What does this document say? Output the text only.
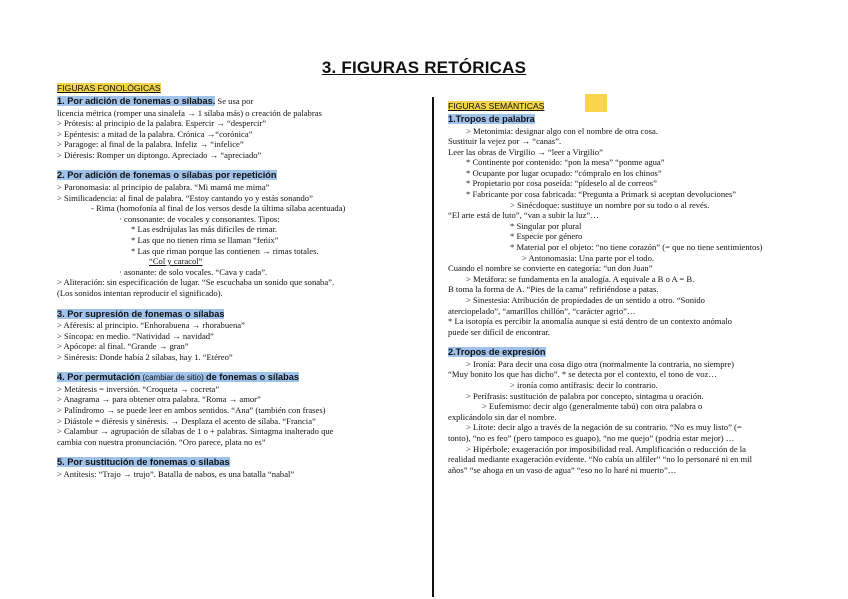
3. FIGURAS RETÓRICAS
FIGURAS FONOLÓGICAS
1. Por adición de fonemas o sílabas. Se usa por
licencia métrica (romper una sinalefa → 1 sílaba más) o creación de palabras
> Prótesis: al principio de la palabra. Espercir → “despercir”
> Epéntesis: a mitad de la palabra. Crónica →“corónica”
> Paragoge: al final de la palabra. Infeliz → “infelice”
> Diéresis: Romper un diptongo. Apreciado → “apreciado”
2. Por adición de fonemas o sílabas por repetición
> Paronomasia: al principio de palabra. “Mi mamá me mima”
> Similicadencia: al final de palabra. “Estoy cantando yo y estás sonando”
- Rima (homofonía al final de los versos desde la última sílaba acentuada)
· consonante: de vocales y consonantes. Tipos:
* Las esdrújulas las más difíciles de rimar.
* Las que no tienen rima se llaman “feńix”
* Las que riman porque las contienen → rimas totales.
“Col y caracol”
· asonante: de solo vocales. “Cava y cada”.
> Aliteración: sin especificación de lugar. “Se escuchaba un sonido que sonaba”.
(Los sonidos intentan reproducir el significado).
3. Por supresión de fonemas o sílabas
> Aféresis: al principio. “Enhorabuena → rhorabuena”
> Síncopa: en medio. “Natividad → navidad”
> Apócope: al final. “Grande → gran”
> Sinéresis: Donde había 2 sílabas, hay 1. “Etéreo”
4. Por permutación (cambiar de sitio) de fonemas o sílabas
> Metátesis = inversión. “Croqueta → cocreta”
> Anagrama → para obtener otra palabra. “Roma → amor”
> Palíndromo → se puede leer en ambos sentidos. “Ana” (también con frases)
> Diástole = diéresis y sinéresis. → Desplaza el acento de sílaba. “Francia”
> Calambur → agrupación de sílabas de 1 o + palabras. Sintagma inalterado que
cambia con nuestra pronunciación. “Oro parece, plata no es”
5. Por sustitución de fonemas o sílabas
> Antítesis: “Trajo → trujo”. Batalla de nabos, es una batalla “nabal”
FIGURAS SEMÁNTICAS
1.Tropos de palabra
> Metonimia: designar algo con el nombre de otra cosa.
Sustituir la vejez por → “canas”.
Leer las obras de Virgilio → “leer a Virgilio”
* Continente por contenido: “pon la mesa” “ponme agua”
* Ocupante por lugar ocupado: “cómpralo en los chinos”
* Propietario por cosa poseída: “pídeselo al de correos”
* Fabricante por cosa fabricada: “Pregunta a Primark si aceptan devoluciones”
> Sinécdoque: sustituye un nombre por su todo o al revés.
“El arte está de luto”, “van a subir la luz”…
* Singular por plural
* Especie por género
* Material por el objeto: “no tiene corazón” (= que no tiene sentimientos)
> Antonomasia: Una parte por el todo.
Cuando el nombre se convierte en categoría: “un don Juan”
> Metáfora: se fundamenta en la analogía. A equivale a B o A = B.
B toma la forma de A. “Pies de la cama” refiriéndose a patas.
> Sinestesia: Atribución de propiedades de un sentido a otro. “Sonido
aterciopelado”, “amarillos chillón”, “carácter agrio”…
* La isotopía es percibir la anomalía aunque si está dentro de un contexto anómalo
puede ser difícil de encontrar.
2.Tropos de expresión
> Ironía: Para decir una cosa digo otra (normalmente la contraria, no siempre)
“Muy bonito los que has dicho”. * se detecta por el contexto, el tono de voz…
> ironía como antífrasis: decir lo contrario.
> Perífrasis: sustitución de palabra por concepto, sintagma u oración.
> Eufemismo: decir algo (generalmente tabú) con otra palabra o
explicándolo sin dar el nombre.
> Lítote: decir algo a través de la negación de su contrario. “No es muy listo” (=
tonto), “no es feo” (pero tampoco es guapo), “no me quejo” (podría estar mejor) …
> Hipérbole: exageración por imposibilidad real. Amplificación o reducción de la
realidad mediante exageración evidente. “No cabía un alfiler” “no lo personaré ni en mil
años” “se ahoga en un vaso de agua” “eso no lo haré ni muerto”…
